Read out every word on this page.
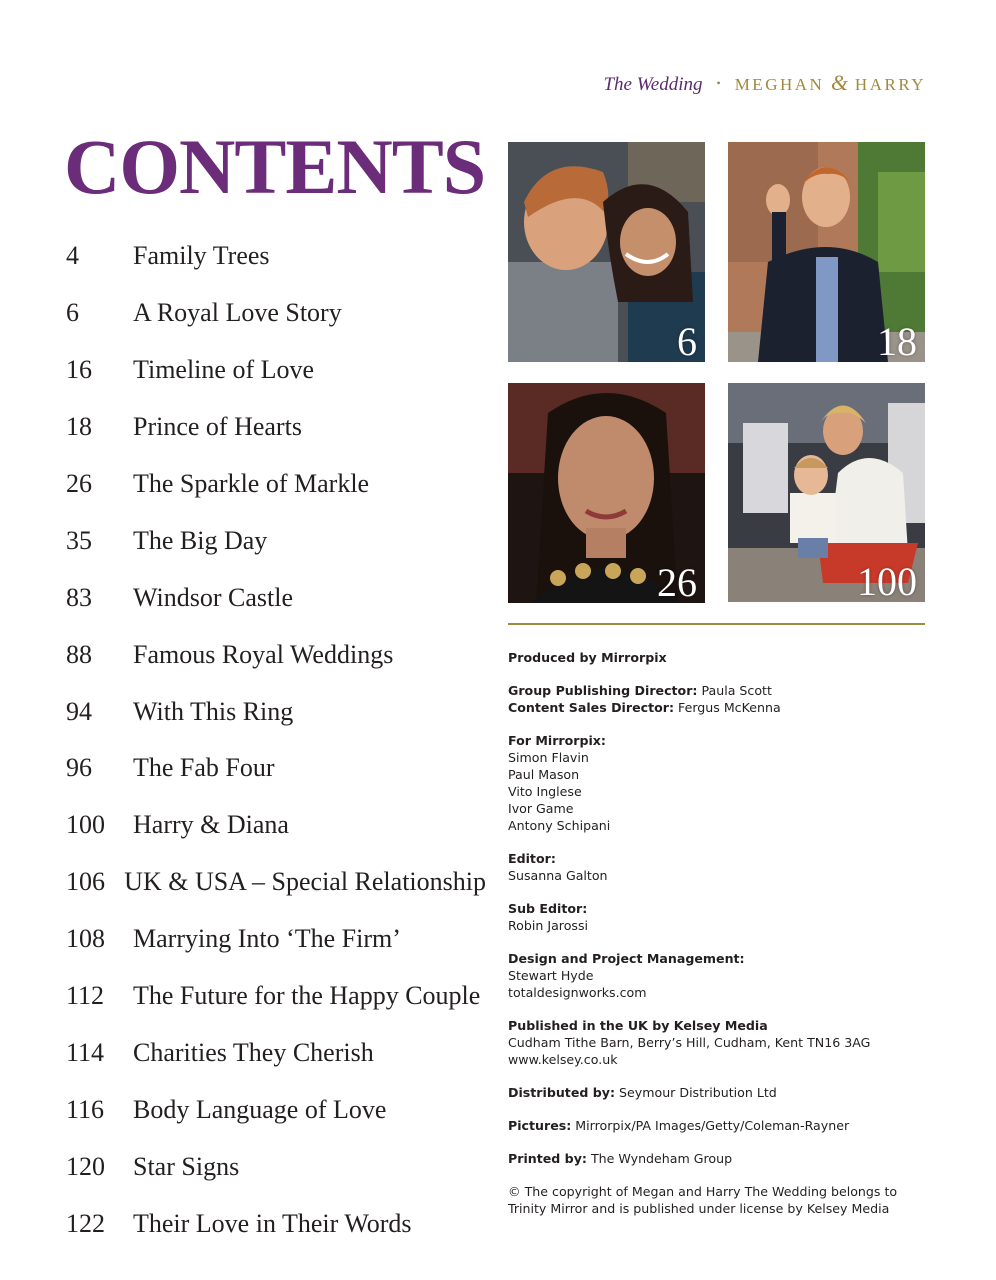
The Wedding • MEGHAN & HARRY
CONTENTS
4	Family Trees
6	A Royal Love Story
16	Timeline of Love
18	Prince of Hearts
26	The Sparkle of Markle
35	The Big Day
83	Windsor Castle
88	Famous Royal Weddings
94	With This Ring
96	The Fab Four
100	Harry & Diana
106 UK & USA – Special Relationship
108	Marrying Into ‘The Firm’
112	The Future for the Happy Couple
114	Charities They Cherish
116	Body Language of Love
120	Star Signs
122	Their Love in Their Words
6	18
26	100
Produced by Mirrorpix
Group Publishing Director: Paula Scott
Content Sales Director: Fergus McKenna
For Mirrorpix:
Simon Flavin
Paul Mason
Vito Inglese
Ivor Game
Antony Schipani
Editor:
Susanna Galton
Sub Editor:
Robin Jarossi
Design and Project Management:
Stewart Hyde
totaldesignworks.com
Published in the UK by Kelsey Media
Cudham Tithe Barn, Berry’s Hill, Cudham, Kent TN16 3AG
www.kelsey.co.uk
Distributed by: Seymour Distribution Ltd
Pictures: Mirrorpix/PA Images/Getty/Coleman-Rayner
Printed by: The Wyndeham Group
© The copyright of Megan and Harry The Wedding belongs to Trinity Mirror and is published under license by Kelsey Media
